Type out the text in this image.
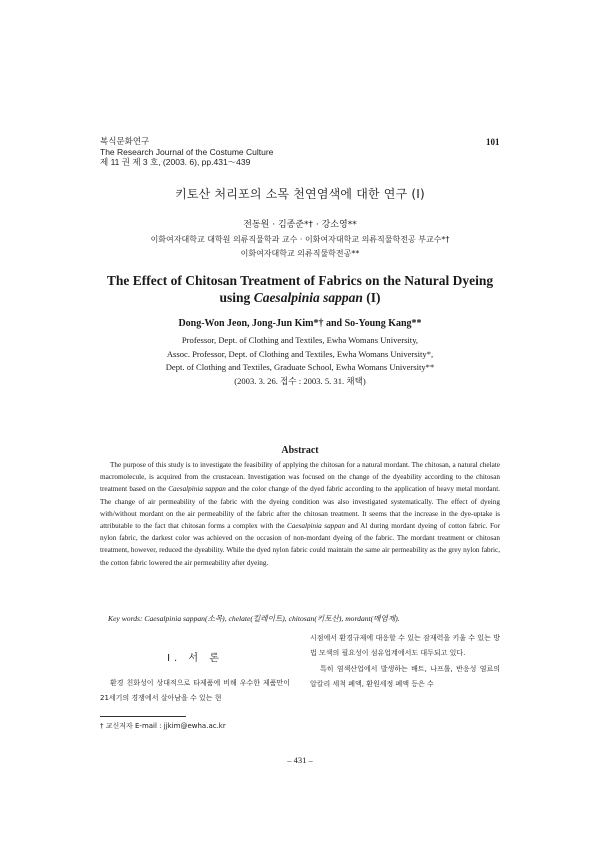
복식문화연구
The Research Journal of the Costume Culture
제 11 권 제 3 호, (2003. 6), pp.431～439
101
키토산 처리포의 소목 천연염색에 대한 연구 (I)
전동원 · 김종준*† · 강소영**
이화여자대학교 대학원 의류직물학과 교수 · 이화여자대학교 의류직물학전공 부교수*†
이화여자대학교 의류직물학전공**
The Effect of Chitosan Treatment of Fabrics on the Natural Dyeing
using Caesalpinia sappan (I)
Dong-Won Jeon, Jong-Jun Kim*† and So-Young Kang**
Professor, Dept. of Clothing and Textiles, Ewha Womans University,
Assoc. Professor, Dept. of Clothing and Textiles, Ewha Womans University*,
Dept. of Clothing and Textiles, Graduate School, Ewha Womans University**
(2003. 3. 26. 접수 : 2003. 5. 31. 채택)
Abstract
The purpose of this study is to investigate the feasibility of applying the chitosan for a natural mordant. The chitosan, a natural chelate macromolecule, is acquired from the crustacean. Investigation was focused on the change of the dyeability according to the chitosan treatment based on the Caesalpinia sappan and the color change of the dyed fabric according to the application of heavy metal mordant. The change of air permeability of the fabric with the dyeing condition was also investigated systematically. The effect of dyeing with/without mordant on the air permeability of the fabric after the chitosan treatment. It seems that the increase in the dye-uptake is attributable to the fact that chitosan forms a complex with the Caesalpinia sappan and Al during mordant dyeing of cotton fabric. For nylon fabric, the darkest color was achieved on the occasion of non-mordant dyeing of the fabric. The mordant treatment or chitosan treatment, however, reduced the dyeability. While the dyed nylon fabric could maintain the same air permeability as the grey nylon fabric, the cotton fabric lowered the air permeability after dyeing.
Key words: Caesalpinia sappan(소목), chelate(킬레이트), chitosan(키토산), mordant(매염제).
Ⅰ. 서 론

환경 친화성이 상대적으로 타제품에 비해 우수한 제품만이 21세기의 경쟁에서 살아남을 수 있는 현

시점에서 환경규제에 대응할 수 있는 잠재력을 키울 수 있는 방법 모색의 필요성이 섬유업계에서도 대두되고 있다.

특히 염색산업에서 발생하는 배트, 나프톨, 반응성 염료의 알칼리 세척 폐액, 환원세정 폐액 등은 수

† 교신저자 E-mail : jjkim@ewha.ac.kr
– 431 –
